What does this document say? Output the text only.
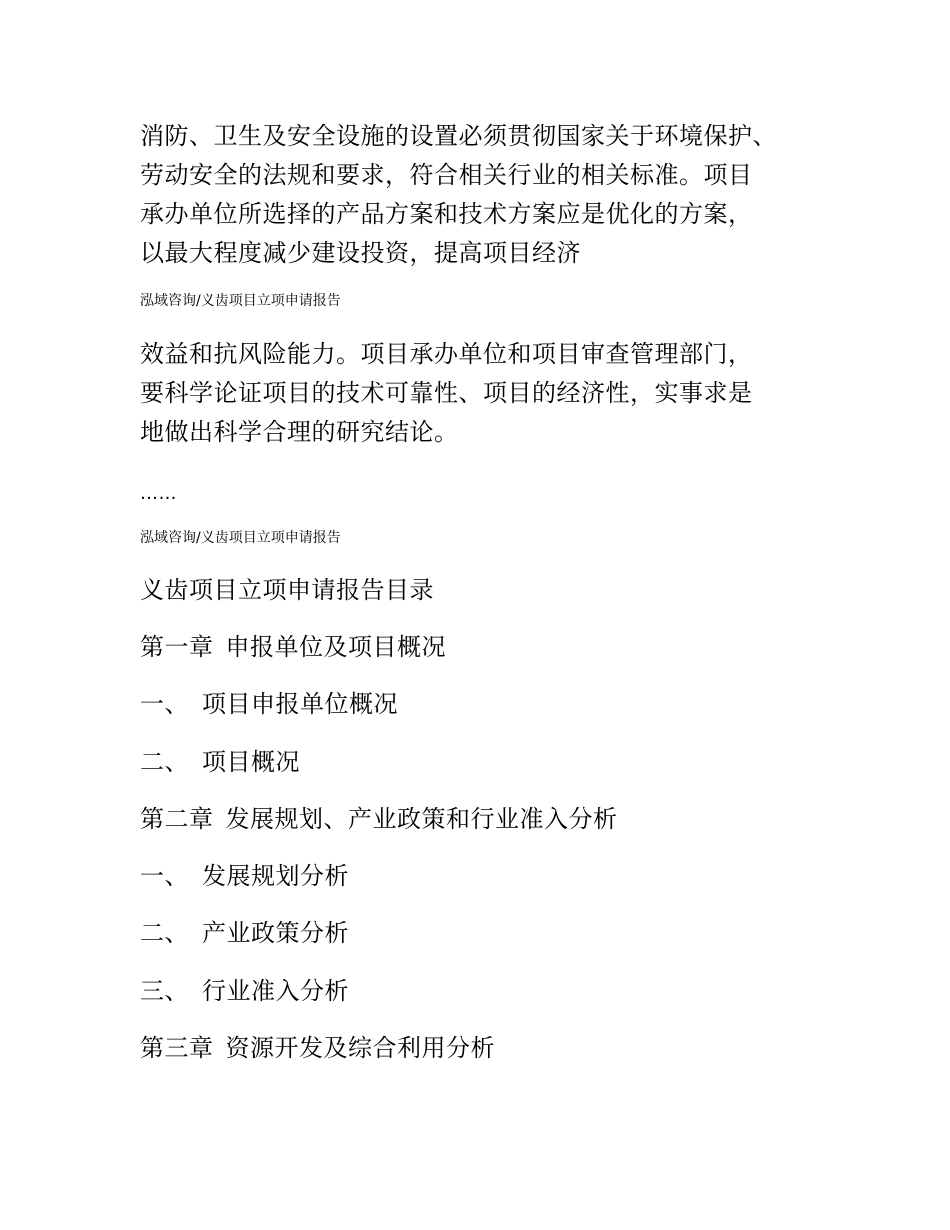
消防、卫生及安全设施的设置必须贯彻国家关于环境保护、
劳动安全的法规和要求，符合相关行业的相关标准。项目
承办单位所选择的产品方案和技术方案应是优化的方案，
以最大程度减少建设投资，提高项目经济
泓域咨询/义齿项目立项申请报告
效益和抗风险能力。项目承办单位和项目审查管理部门，
要科学论证项目的技术可靠性、项目的经济性，实事求是
地做出科学合理的研究结论。
……
泓域咨询/义齿项目立项申请报告
义齿项目立项申请报告目录
第一章 申报单位及项目概况
一、 项目申报单位概况
二、 项目概况
第二章 发展规划、产业政策和行业准入分析
一、 发展规划分析
二、 产业政策分析
三、 行业准入分析
第三章 资源开发及综合利用分析
